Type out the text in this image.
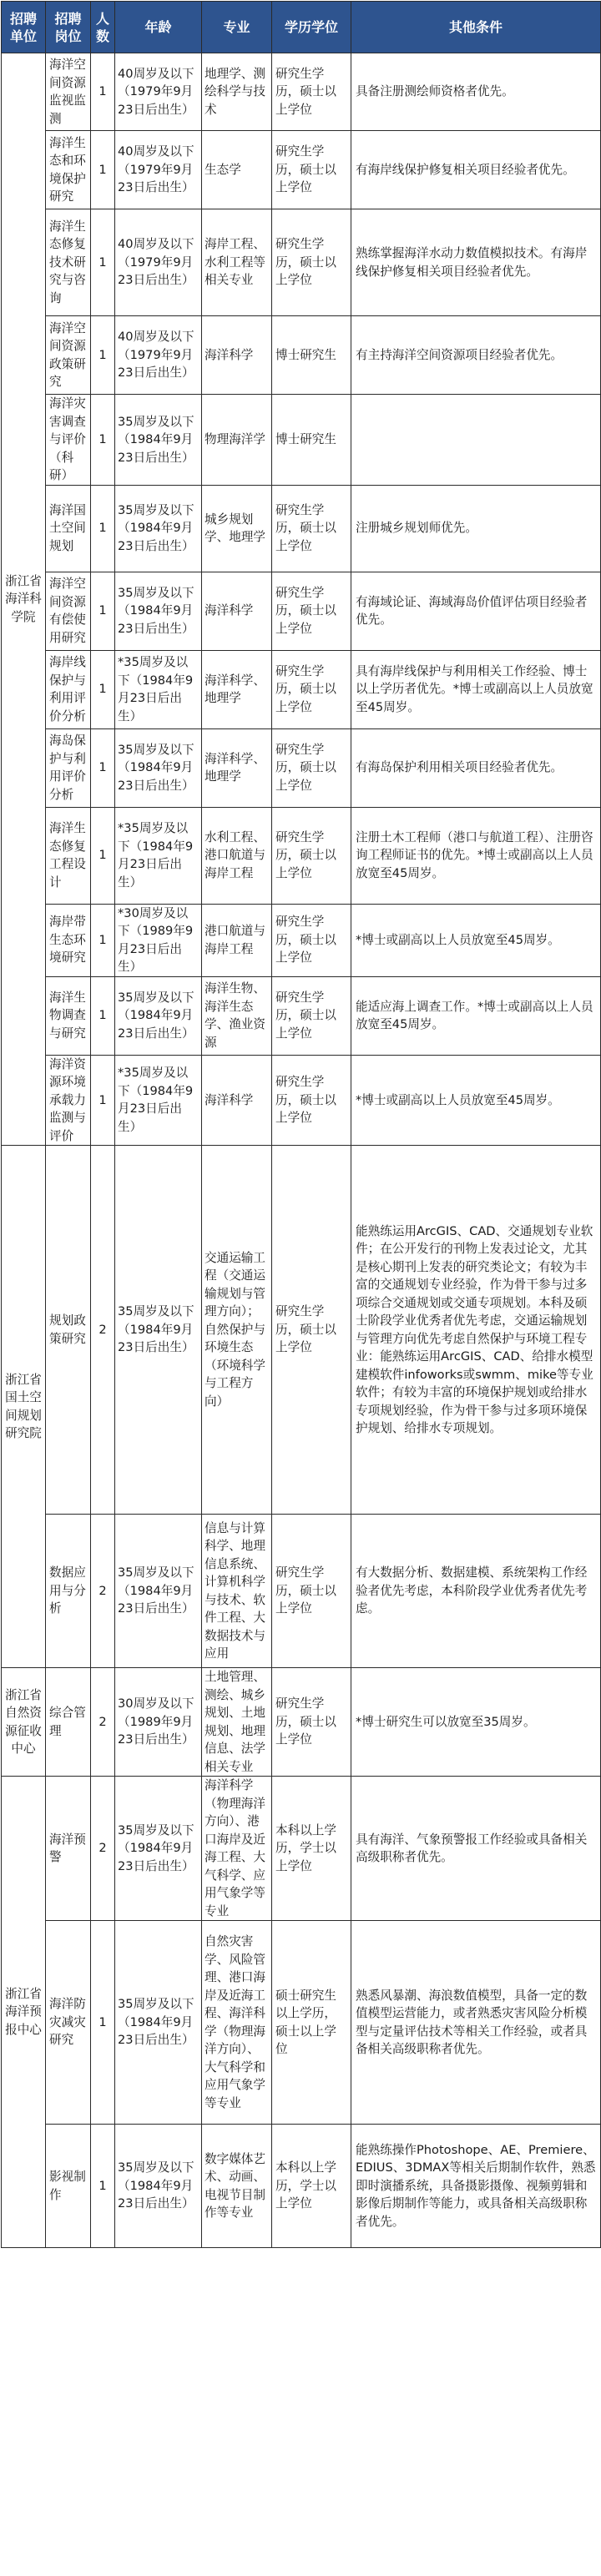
招聘单位	招聘岗位	人数	年龄	专业	学历学位	其他条件
浙江省海洋科学院	海洋空间资源监视监测	1	40周岁及以下（1979年9月23日后出生）	地理学、测绘科学与技术	研究生学历，硕士以上学位	具备注册测绘师资格者优先。
	海洋生态和环境保护研究	1	40周岁及以下（1979年9月23日后出生）	生态学	研究生学历，硕士以上学位	有海岸线保护修复相关项目经验者优先。
	海洋生态修复技术研究与咨询	1	40周岁及以下（1979年9月23日后出生）	海岸工程、水利工程等相关专业	研究生学历，硕士以上学位	熟练掌握海洋水动力数值模拟技术。有海岸线保护修复相关项目经验者优先。
	海洋空间资源政策研究	1	40周岁及以下（1979年9月23日后出生）	海洋科学	博士研究生	有主持海洋空间资源项目经验者优先。
	海洋灾害调查与评价（科研）	1	35周岁及以下（1984年9月23日后出生）	物理海洋学	博士研究生	
	海洋国土空间规划	1	35周岁及以下（1984年9月23日后出生）	城乡规划学、地理学	研究生学历，硕士以上学位	注册城乡规划师优先。
	海洋空间资源有偿使用研究	1	35周岁及以下（1984年9月23日后出生）	海洋科学	研究生学历，硕士以上学位	有海域论证、海域海岛价值评估项目经验者优先。
	海岸线保护与利用评价分析	1	*35周岁及以下（1984年9月23日后出生）	海洋科学、地理学	研究生学历，硕士以上学位	具有海岸线保护与利用相关工作经验、博士以上学历者优先。*博士或副高以上人员放宽至45周岁。
	海岛保护与利用评价分析	1	35周岁及以下（1984年9月23日后出生）	海洋科学、地理学	研究生学历，硕士以上学位	有海岛保护利用相关项目经验者优先。
	海洋生态修复工程设计	1	*35周岁及以下（1984年9月23日后出生）	水利工程、港口航道与海岸工程	研究生学历，硕士以上学位	注册土木工程师（港口与航道工程）、注册咨询工程师证书的优先。*博士或副高以上人员放宽至45周岁。
	海岸带生态环境研究	1	*30周岁及以下（1989年9月23日后出生）	港口航道与海岸工程	研究生学历，硕士以上学位	*博士或副高以上人员放宽至45周岁。
	海洋生物调查与研究	1	35周岁及以下（1984年9月23日后出生）	海洋生物、海洋生态学、渔业资源	研究生学历，硕士以上学位	能适应海上调查工作。*博士或副高以上人员放宽至45周岁。
	海洋资源环境承载力监测与评价	1	*35周岁及以下（1984年9月23日后出生）	海洋科学	研究生学历，硕士以上学位	*博士或副高以上人员放宽至45周岁。
浙江省国土空间规划研究院	规划政策研究	2	35周岁及以下（1984年9月23日后出生）	交通运输工程（交通运输规划与管理方向）；自然保护与环境生态（环境科学与工程方向）	研究生学历，硕士以上学位	能熟练运用ArcGIS、CAD、交通规划专业软件；在公开发行的刊物上发表过论文，尤其是核心期刊上发表的研究类论文；有较为丰富的交通规划专业经验，作为骨干参与过多项综合交通规划或交通专项规划。本科及硕士阶段学业优秀者优先考虑，交通运输规划与管理方向优先考虑自然保护与环境工程专业：能熟练运用ArcGIS、CAD、给排水模型建模软件infoworks或swmm、mike等专业软件；有较为丰富的环境保护规划或给排水专项规划经验，作为骨干参与过多项环境保护规划、给排水专项规划。
	数据应用与分析	2	35周岁及以下（1984年9月23日后出生）	信息与计算科学、地理信息系统、计算机科学与技术、软件工程、大数据技术与应用	研究生学历，硕士以上学位	有大数据分析、数据建模、系统架构工作经验者优先考虑，本科阶段学业优秀者优先考虑。
浙江省自然资源征收中心	综合管理	2	30周岁及以下（1989年9月23日后出生）	土地管理、测绘、城乡规划、土地规划、地理信息、法学相关专业	研究生学历，硕士以上学位	*博士研究生可以放宽至35周岁。
浙江省海洋预报中心	海洋预警	2	35周岁及以下（1984年9月23日后出生）	海洋科学（物理海洋方向）、港口海岸及近海工程、大气科学、应用气象学等专业	本科以上学历，学士以上学位	具有海洋、气象预警报工作经验或具备相关高级职称者优先。
	海洋防灾减灾研究	1	35周岁及以下（1984年9月23日后出生）	自然灾害学、风险管理、港口海岸及近海工程、海洋科学（物理海洋方向）、大气科学和应用气象学等专业	硕士研究生以上学历，硕士以上学位	熟悉风暴潮、海浪数值模型，具备一定的数值模型运营能力，或者熟悉灾害风险分析模型与定量评估技术等相关工作经验，或者具备相关高级职称者优先。
	影视制作	1	35周岁及以下（1984年9月23日后出生）	数字媒体艺术、动画、电视节目制作等专业	本科以上学历，学士以上学位	能熟练操作Photoshope、AE、Premiere、EDIUS、3DMAX等相关后期制作软件，熟悉即时演播系统，具备摄影摄像、视频剪辑和影像后期制作等能力，或具备相关高级职称者优先。
